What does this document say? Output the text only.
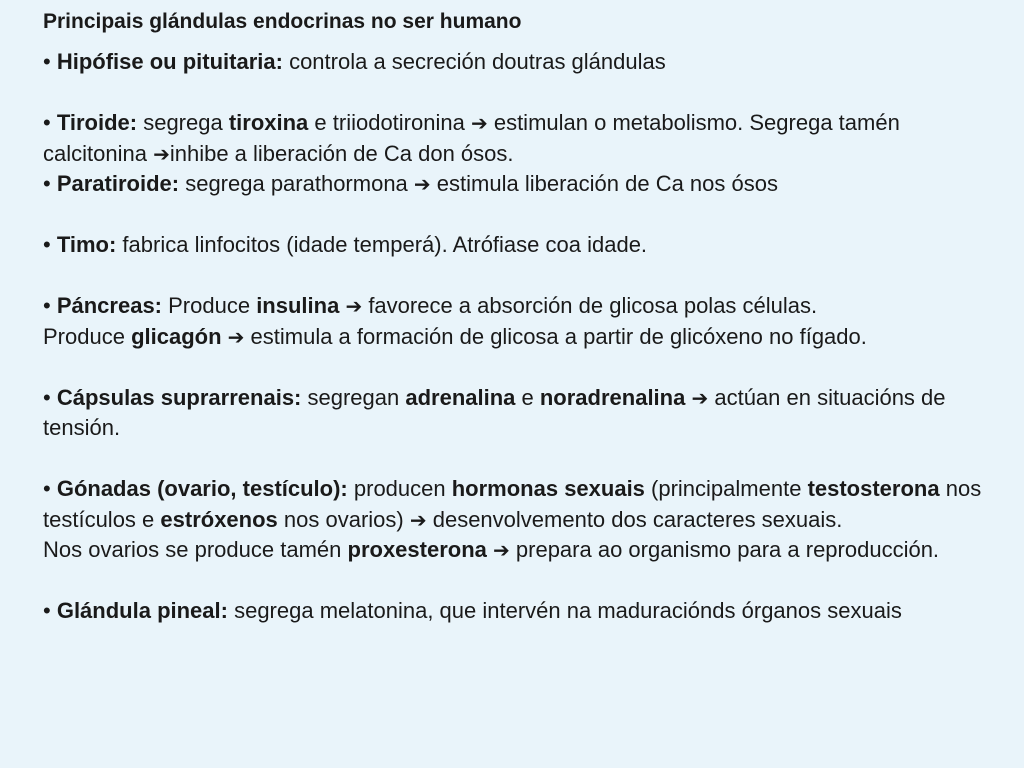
Principais glándulas endocrinas no ser humano

• Hipófise ou pituitaria: controla a secreción doutras glándulas

• Tiroide: segrega tiroxina e triiodotironina ➔ estimulan o metabolismo. Segrega tamén calcitonina ➔inhibe a liberación de Ca don ósos.

• Paratiroide: segrega parathormona ➔ estimula liberación de Ca nos ósos

• Timo: fabrica linfocitos (idade temperá). Atrófiase coa idade.

• Páncreas: Produce insulina ➔ favorece a absorción de glicosa polas células.

Produce glicagón ➔ estimula a formación de glicosa a partir de glicóxeno no fígado.

• Cápsulas suprarrenais: segregan adrenalina e noradrenalina ➔ actúan en situacións de tensión.

• Gónadas (ovario, testículo): producen hormonas sexuais (principalmente testosterona nos testículos e estróxenos nos ovarios) ➔ desenvolvemento dos caracteres sexuais.

Nos ovarios se produce tamén proxesterona ➔ prepara ao organismo para a reproducción.

• Glándula pineal: segrega melatonina, que intervén na maduraciónds órganos sexuais
